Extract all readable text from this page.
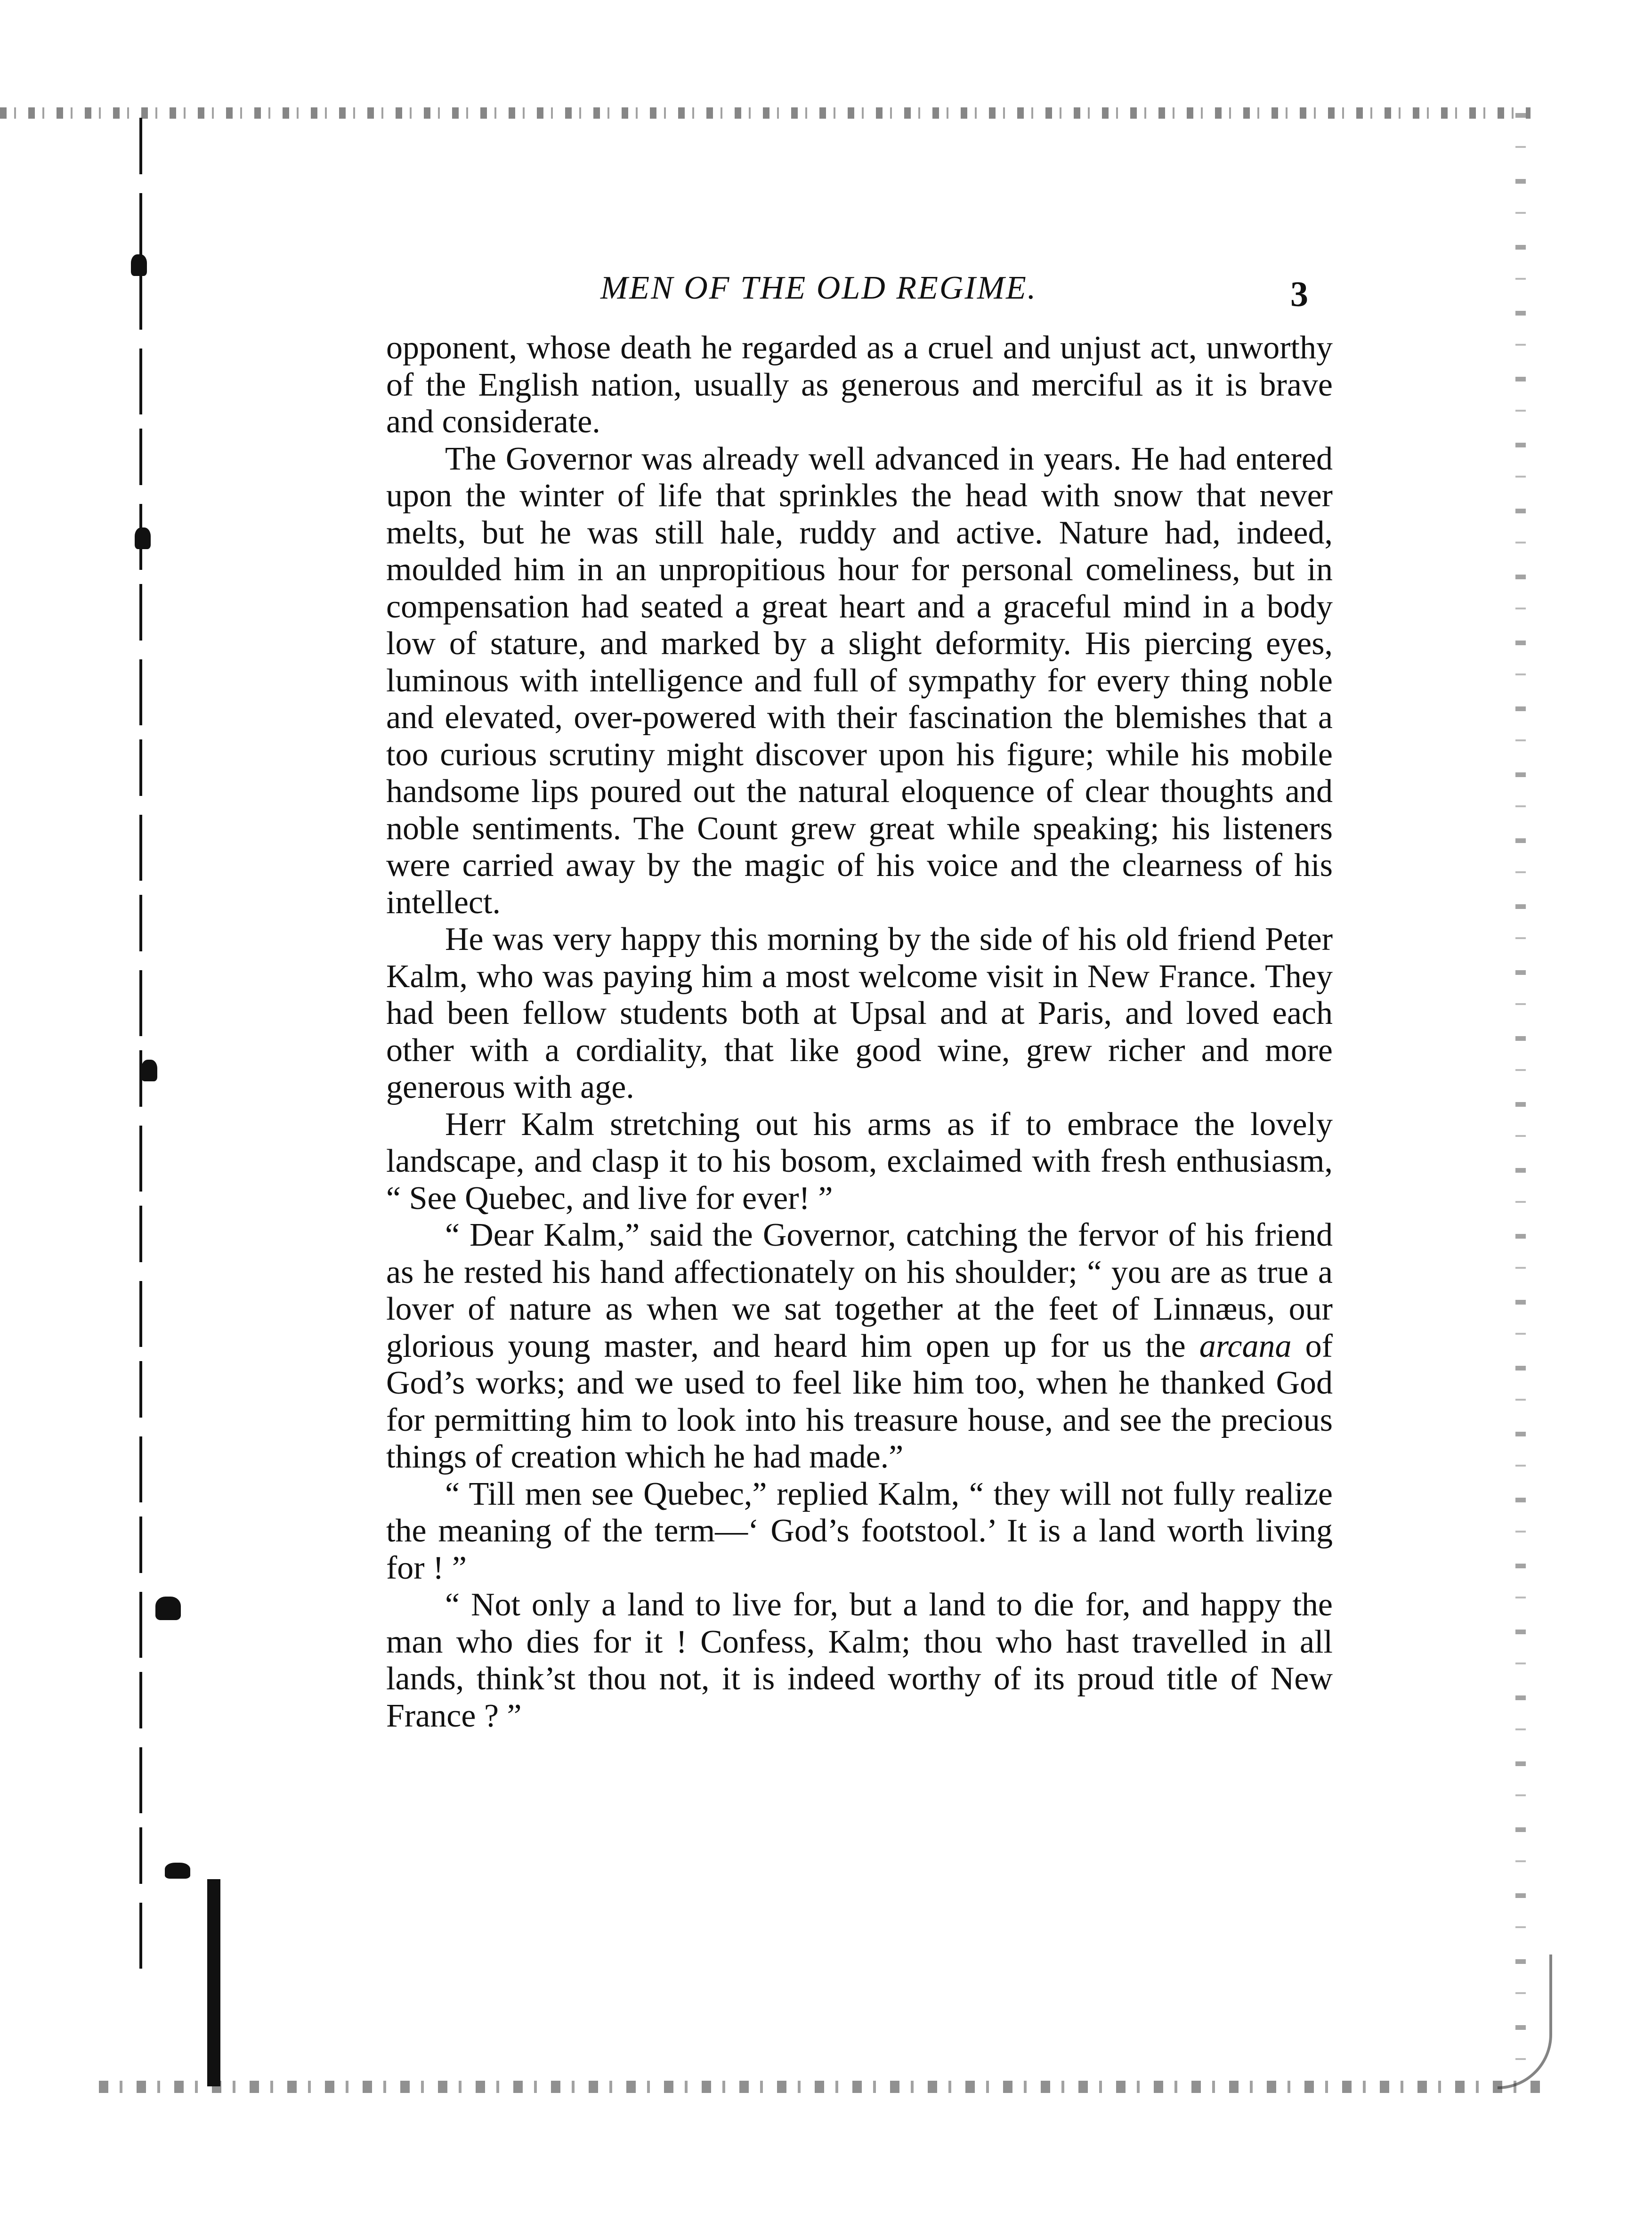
MEN OF THE OLD REGIME.	3

opponent, whose death he regarded as a cruel and unjust act, unworthy of the English nation, usually as generous and merciful as it is brave and considerate.

The Governor was already well advanced in years. He had entered upon the winter of life that sprinkles the head with snow that never melts, but he was still hale, ruddy and active. Nature had, indeed, moulded him in an unpropitious hour for personal comeliness, but in compensation had seated a great heart and a graceful mind in a body low of stature, and marked by a slight deformity. His piercing eyes, luminous with intelligence and full of sympathy for every thing noble and elevated, over-powered with their fascination the blemishes that a too curious scrutiny might discover upon his figure; while his mobile handsome lips poured out the natural eloquence of clear thoughts and noble sentiments. The Count grew great while speaking; his listeners were carried away by the magic of his voice and the clearness of his intellect.

He was very happy this morning by the side of his old friend Peter Kalm, who was paying him a most welcome visit in New France. They had been fellow students both at Upsal and at Paris, and loved each other with a cordiality, that like good wine, grew richer and more generous with age.

Herr Kalm stretching out his arms as if to embrace the lovely landscape, and clasp it to his bosom, exclaimed with fresh enthusiasm, “ See Quebec, and live for ever! ”

“ Dear Kalm,” said the Governor, catching the fervor of his friend as he rested his hand affectionately on his shoulder; “ you are as true a lover of nature as when we sat together at the feet of Linnæus, our glorious young master, and heard him open up for us the arcana of God’s works; and we used to feel like him too, when he thanked God for permitting him to look into his treasure house, and see the precious things of creation which he had made.”

“ Till men see Quebec,” replied Kalm, “ they will not fully realize the meaning of the term—‘ God’s footstool.’ It is a land worth living for ! ”

“ Not only a land to live for, but a land to die for, and happy the man who dies for it ! Confess, Kalm; thou who hast travelled in all lands, think’st thou not, it is indeed worthy of its proud title of New France ? ”
